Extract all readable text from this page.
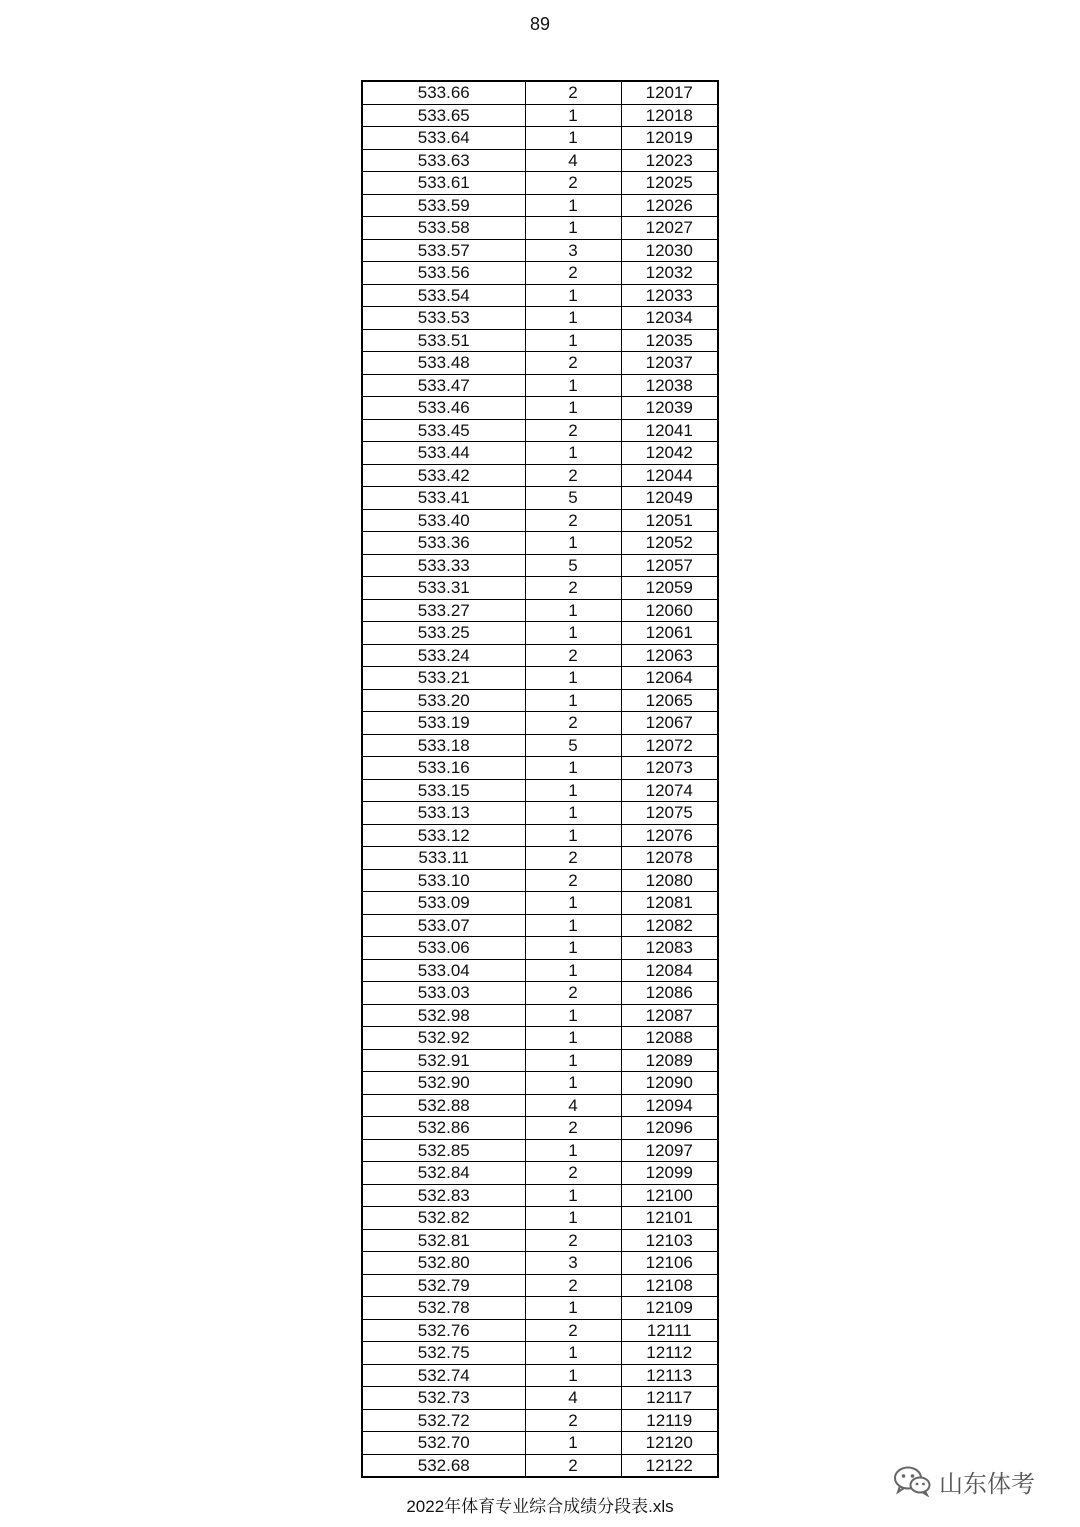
89
533.66	2	12017
533.65	1	12018
533.64	1	12019
533.63	4	12023
533.61	2	12025
533.59	1	12026
533.58	1	12027
533.57	3	12030
533.56	2	12032
533.54	1	12033
533.53	1	12034
533.51	1	12035
533.48	2	12037
533.47	1	12038
533.46	1	12039
533.45	2	12041
533.44	1	12042
533.42	2	12044
533.41	5	12049
533.40	2	12051
533.36	1	12052
533.33	5	12057
533.31	2	12059
533.27	1	12060
533.25	1	12061
533.24	2	12063
533.21	1	12064
533.20	1	12065
533.19	2	12067
533.18	5	12072
533.16	1	12073
533.15	1	12074
533.13	1	12075
533.12	1	12076
533.11	2	12078
533.10	2	12080
533.09	1	12081
533.07	1	12082
533.06	1	12083
533.04	1	12084
533.03	2	12086
532.98	1	12087
532.92	1	12088
532.91	1	12089
532.90	1	12090
532.88	4	12094
532.86	2	12096
532.85	1	12097
532.84	2	12099
532.83	1	12100
532.82	1	12101
532.81	2	12103
532.80	3	12106
532.79	2	12108
532.78	1	12109
532.76	2	12111
532.75	1	12112
532.74	1	12113
532.73	4	12117
532.72	2	12119
532.70	1	12120
532.68	2	12122
山东体考
2022年体育专业综合成绩分段表.xls
